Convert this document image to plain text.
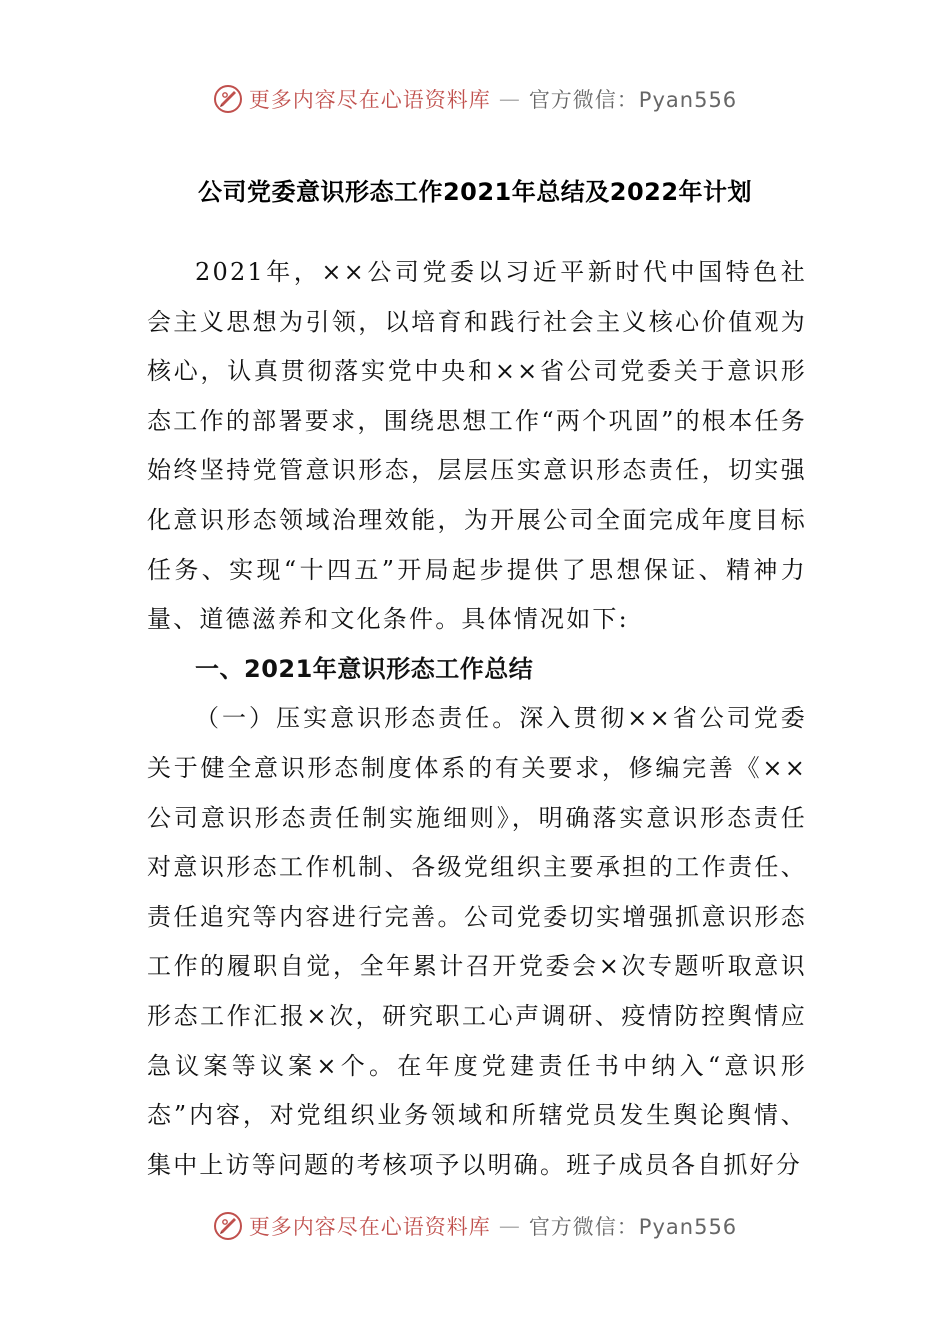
更多内容尽在心语资料库 — 官方微信：Pyan556
公司党委意识形态工作2021年总结及2022年计划

2021年，××公司党委以习近平新时代中国特色社会主义思想为引领，以培育和践行社会主义核心价值观为核心，认真贯彻落实党中央和××省公司党委关于意识形态工作的部署要求，围绕思想工作“两个巩固”的根本任务始终坚持党管意识形态，层层压实意识形态责任，切实强化意识形态领域治理效能，为开展公司全面完成年度目标任务、实现“十四五”开局起步提供了思想保证、精神力量、道德滋养和文化条件。具体情况如下:

一、2021年意识形态工作总结

（一）压实意识形态责任。深入贯彻××省公司党委关于健全意识形态制度体系的有关要求，修编完善《××公司意识形态责任制实施细则》，明确落实意识形态责任对意识形态工作机制、各级党组织主要承担的工作责任、责任追究等内容进行完善。公司党委切实增强抓意识形态工作的履职自觉，全年累计召开党委会×次专题听取意识形态工作汇报×次，研究职工心声调研、疫情防控舆情应急议案等议案×个。在年度党建责任书中纳入“意识形态”内容，对党组织业务领域和所辖党员发生舆论舆情、集中上访等问题的考核项予以明确。班子成员各自抓好分

更多内容尽在心语资料库 — 官方微信：Pyan556
